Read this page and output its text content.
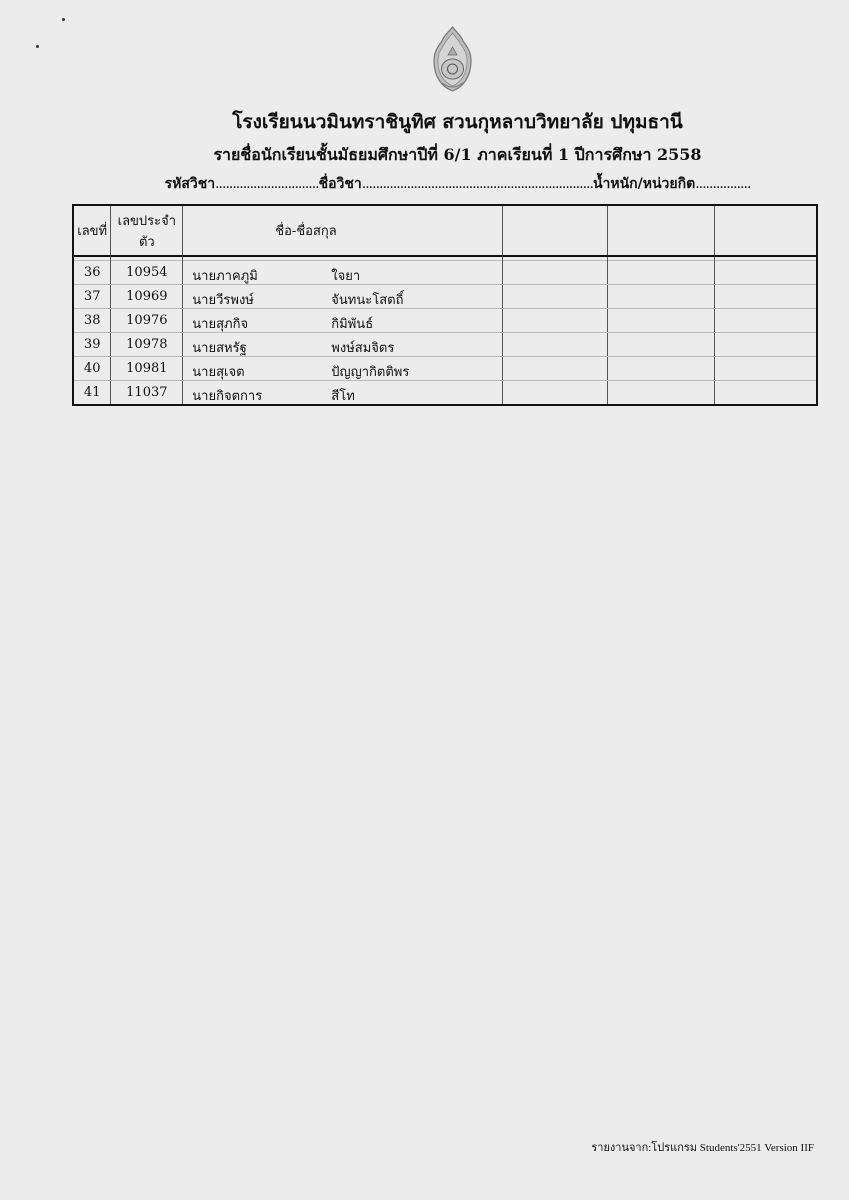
โรงเรียนนวมินทราชินูทิศ สวนกุหลาบวิทยาลัย ปทุมธานี
รายชื่อนักเรียนชั้นมัธยมศึกษาปีที่ 6/1 ภาคเรียนที่ 1 ปีการศึกษา 2558
รหัสวิชา..............................ชื่อวิชา...................................................................น้ำหนัก/หน่วยกิต................
เลขที่	เลขประจำตัว	ชื่อ-ชื่อสกุล			

36	10954	นายภาคภูมิ ใจยา			

37	10969	นายวีรพงษ์ จันทนะโสตถิ์			

38	10976	นายสุภกิจ กิมิพันธ์			

39	10978	นายสหรัฐ พงษ์สมจิตร			

40	10981	นายสุเจต ปัญญากิตติพร			

41	11037	นายกิจตการ สีโท			

รายงานจาก:โปรแกรม Students'2551 Version IIF
